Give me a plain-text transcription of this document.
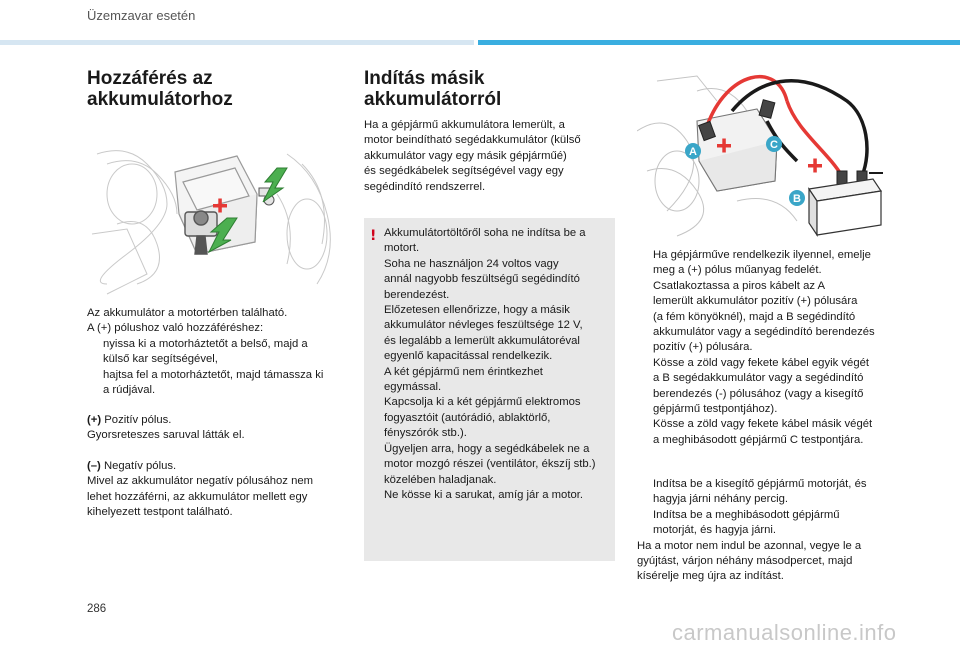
Üzemzavar esetén
Hozzáférés az
akkumulátorhoz

Az akkumulátor a motortérben található.

A (+) pólushoz való hozzáféréshez:

nyissa ki a motorháztetőt a belső, majd a
külső kar segítségével,

hajtsa fel a motorháztetőt, majd támassza ki
a rúdjával.

(+) Pozitív pólus.

Gyorsreteszes saruval látták el.

(–) Negatív pólus.

Mivel az akkumulátor negatív pólusához nem

lehet hozzáférni, az akkumulátor mellett egy

kihelyezett testpont található.

Indítás másik
akkumulátorról

Ha a gépjármű akkumulátora lemerült, a

motor beindítható segédakkumulátor (külső

akkumulátor vagy egy másik gépjárműé)

és segédkábelek segítségével vagy egy

segédindító rendszerrel.

! Akkumulátortöltőről soha ne indítsa be a

motort.

Soha ne használjon 24 voltos vagy

annál nagyobb feszültségű segédindító

berendezést.

Előzetesen ellenőrizze, hogy a másik

akkumulátor névleges feszültsége 12 V,

és legalább a lemerült akkumulátoréval

egyenlő kapacitással rendelkezik.

A két gépjármű nem érintkezhet

egymással.

Kapcsolja ki a két gépjármű elektromos

fogyasztóit (autórádió, ablaktörlő,

fényszórók stb.).

Ügyeljen arra, hogy a segédkábelek ne a

motor mozgó részei (ventilátor, ékszíj stb.)

közelében haladjanak.

Ne kösse ki a sarukat, amíg jár a motor.

A
C
B

Ha gépjárműve rendelkezik ilyennel, emelje
meg a (+) pólus műanyag fedelét.

Csatlakoztassa a piros kábelt az A
lemerült akkumulátor pozitív (+) pólusára
(a fém könyöknél), majd a B segédindító
akkumulátor vagy a segédindító berendezés
pozitív (+) pólusára.

Kösse a zöld vagy fekete kábel egyik végét
a B segédakkumulátor vagy a segédindító
berendezés (-) pólusához (vagy a kisegítő
gépjármű testpontjához).

Kösse a zöld vagy fekete kábel másik végét
a meghibásodott gépjármű C testpontjára.

Indítsa be a kisegítő gépjármű motorját, és
hagyja járni néhány percig.

Indítsa be a meghibásodott gépjármű
motorját, és hagyja járni.

Ha a motor nem indul be azonnal, vegye le a

gyújtást, várjon néhány másodpercet, majd

kísérelje meg újra az indítást.

286
carmanualsonline.info
